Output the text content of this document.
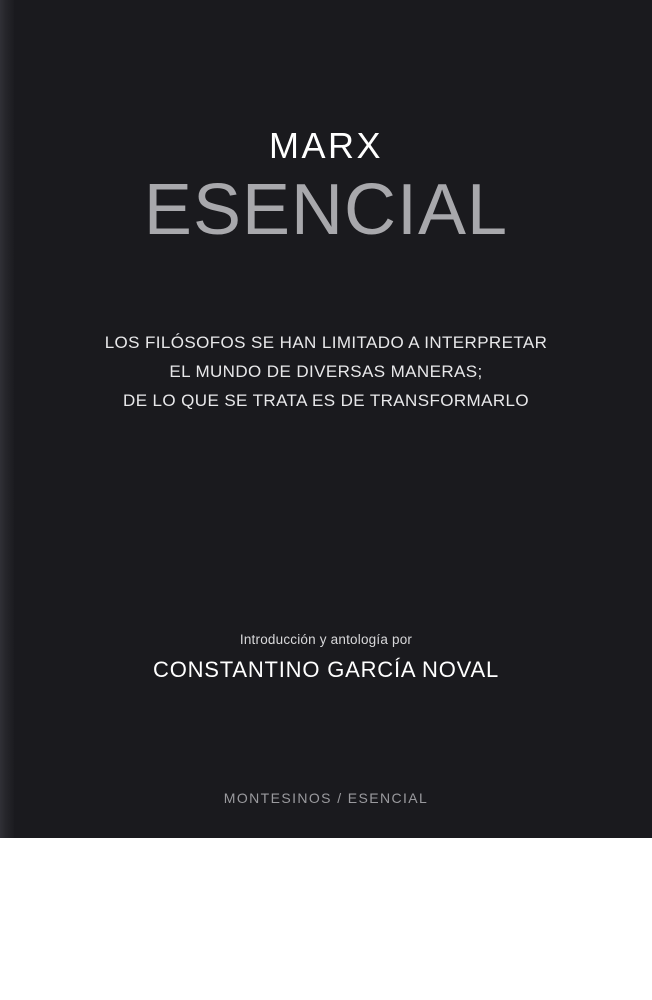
MARX
ESENCIAL
LOS FILÓSOFOS SE HAN LIMITADO A INTERPRETAR
EL MUNDO DE DIVERSAS MANERAS;
DE LO QUE SE TRATA ES DE TRANSFORMARLO
Introducción y antología por
CONSTANTINO GARCÍA NOVAL
MONTESINOS / ESENCIAL
